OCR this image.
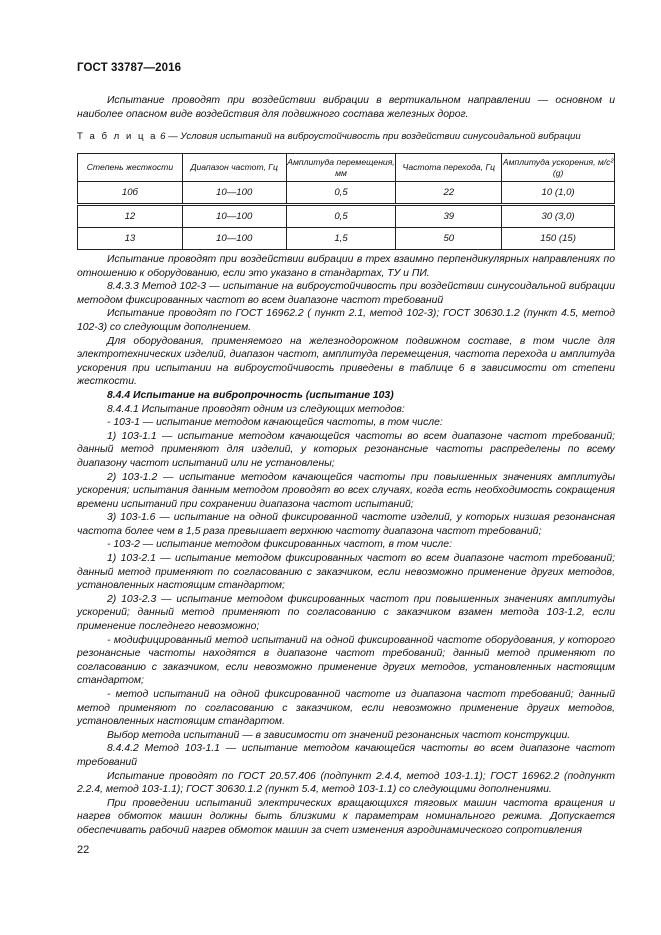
ГОСТ 33787—2016

Испытание проводят при воздействии вибрации в вертикальном направлении — основном и наиболее опасном виде воздействия для подвижного состава железных дорог.

Т а б л и ц а 6 — Условия испытаний на виброустойчивость при воздействии синусоидальной вибрации
Степень жесткости	Диапазон частот, Гц	Амплитуда перемещения, мм	Частота перехода, Гц	Амплитуда ускорения, м/с² (g)
10б	10—100	0,5	22	10 (1,0)
12	10—100	0,5	39	30 (3,0)
13	10—100	1,5	50	150 (15)

Испытание проводят при воздействии вибрации в трех взаимно перпендикулярных направлениях по отношению к оборудованию, если это указано в стандартах, ТУ и ПИ.

8.4.3.3 Метод 102-3 — испытание на виброустойчивость при воздействии синусоидальной вибрации методом фиксированных частот во всем диапазоне частот требований

Испытание проводят по ГОСТ 16962.2 ( пункт 2.1, метод 102-3); ГОСТ 30630.1.2 (пункт 4.5, метод 102-3) со следующим дополнением.

Для оборудования, применяемого на железнодорожном подвижном составе, в том числе для электротехнических изделий, диапазон частот, амплитуда перемещения, частота перехода и амплитуда ускорения при испытании на виброустойчивость приведены в таблице 6 в зависимости от степени жесткости.

8.4.4 Испытание на вибропрочность (испытание 103)

8.4.4.1 Испытание проводят одним из следующих методов:

- 103-1 — испытание методом качающейся частоты, в том числе:

1) 103-1.1 — испытание методом качающейся частоты во всем диапазоне частот требований; данный метод применяют для изделий, у которых резонансные частоты распределены по всему диапазону частот испытаний или не установлены;

2) 103-1.2 — испытание методом качающейся частоты при повышенных значениях амплитуды ускорения; испытания данным методом проводят во всех случаях, когда есть необходимость сокращения времени испытаний при сохранении диапазона частот испытаний;

3) 103-1.6 — испытание на одной фиксированной частоте изделий, у которых низшая резонансная частота более чем в 1,5 раза превышает верхнюю частоту диапазона частот требований;

- 103-2 — испытание методом фиксированных частот, в том числе:

1) 103-2.1 — испытание методом фиксированных частот во всем диапазоне частот требований; данный метод применяют по согласованию с заказчиком, если невозможно применение других методов, установленных настоящим стандартом;

2) 103-2.3 — испытание методом фиксированных частот при повышенных значениях амплитуды ускорений; данный метод применяют по согласованию с заказчиком взамен метода 103-1.2, если применение последнего невозможно;

- модифицированный метод испытаний на одной фиксированной частоте оборудования, у которого резонансные частоты находятся в диапазоне частот требований; данный метод применяют по согласованию с заказчиком, если невозможно применение других методов, установленных настоящим стандартом;

- метод испытаний на одной фиксированной частоте из диапазона частот требований; данный метод применяют по согласованию с заказчиком, если невозможно применение других методов, установленных настоящим стандартом.

Выбор метода испытаний — в зависимости от значений резонансных частот конструкции.

8.4.4.2 Метод 103-1.1 — испытание методом качающейся частоты во всем диапазоне частот требований

Испытание проводят по ГОСТ 20.57.406 (подпункт 2.4.4, метод 103-1.1); ГОСТ 16962.2 (подпункт 2.2.4, метод 103-1.1); ГОСТ 30630.1.2 (пункт 5.4, метод 103-1.1) со следующими дополнениями.

При проведении испытаний электрических вращающихся тяговых машин частота вращения и нагрев обмоток машин должны быть близкими к параметрам номинального режима. Допускается обеспечивать рабочий нагрев обмоток машин за счет изменения аэродинамического сопротивления

22
